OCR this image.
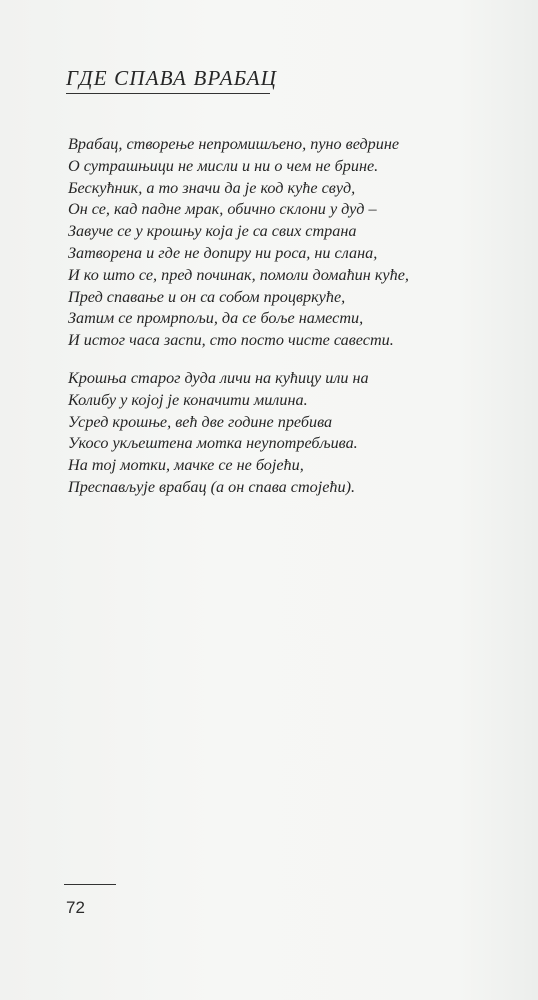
ГДЕ СПАВА ВРАБАЦ
Врабац, створење непромишљено, пуно ведрине
О сутрашњици не мисли и ни о чем не брине.
Бескућник, а то значи да је код куће свуд,
Он се, кад падне мрак, обично склони у дуд –
Завуче се у крошњу која је са свих страна
Затворена и где не допиру ни роса, ни слана,
И ко што се, пред починак, помоли домаћин куће,
Пред спавање и он са собом процвркуће,
Затим се промрпољи, да се боље намести,
И истог часа заспи, сто посто чисте савести.
Крошња старог дуда личи на кућицу или на
Колибу у којој је коначити милина.
Усред крошње, већ две године пребива
Укосо укљештена мотка неупотребљива.
На тој мотки, мачке се не бојећи,
Преспављује врабац (а он спава стојећи).
72
